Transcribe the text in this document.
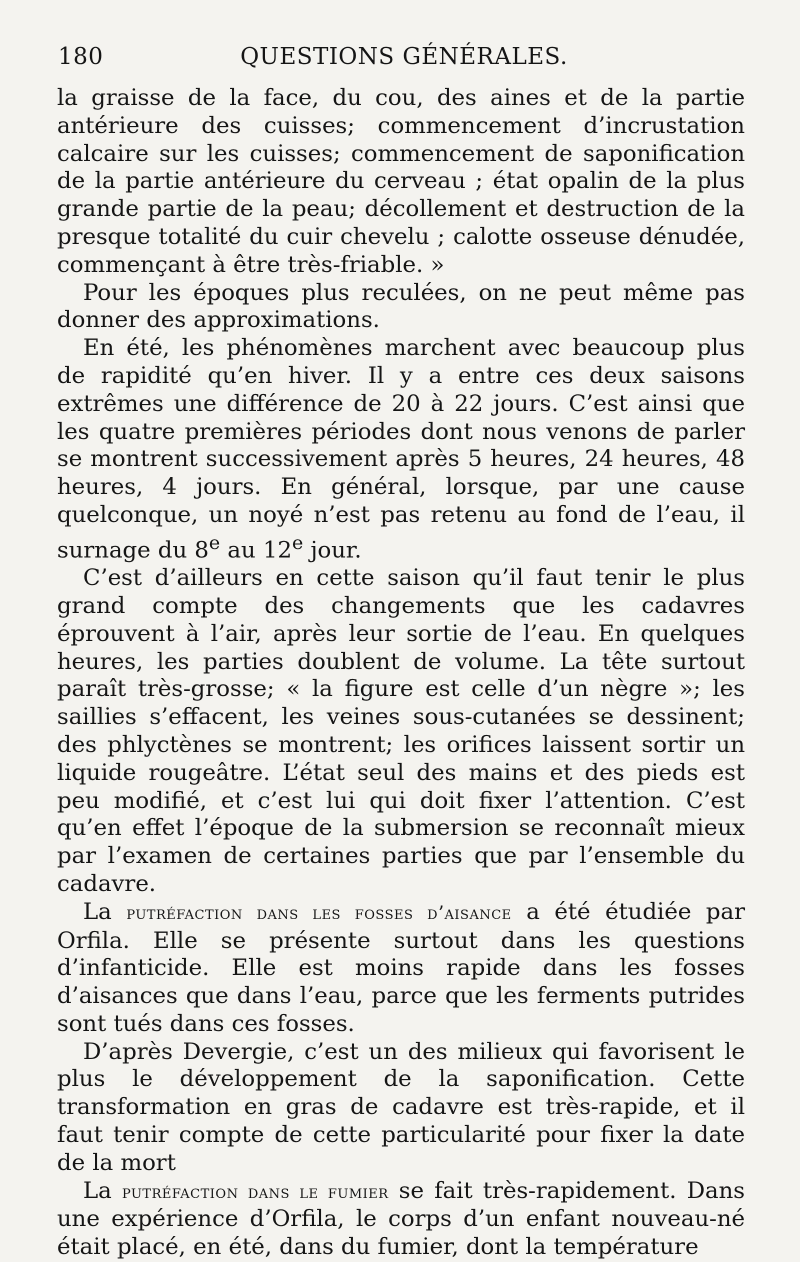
180	QUESTIONS GÉNÉRALES.

la graisse de la face, du cou, des aines et de la partie antérieure des cuisses; commencement d’incrustation calcaire sur les cuisses; commencement de saponification de la partie antérieure du cerveau ; état opalin de la plus grande partie de la peau; décollement et destruction de la presque totalité du cuir chevelu ; calotte osseuse dénudée, commençant à être très-friable. »

Pour les époques plus reculées, on ne peut même pas donner des approximations.

En été, les phénomènes marchent avec beaucoup plus de rapidité qu’en hiver. Il y a entre ces deux saisons extrêmes une différence de 20 à 22 jours. C’est ainsi que les quatre premières périodes dont nous venons de parler se montrent successivement après 5 heures, 24 heures, 48 heures, 4 jours. En général, lorsque, par une cause quelconque, un noyé n’est pas retenu au fond de l’eau, il surnage du 8e au 12e jour.

C’est d’ailleurs en cette saison qu’il faut tenir le plus grand compte des changements que les cadavres éprouvent à l’air, après leur sortie de l’eau. En quelques heures, les parties doublent de volume. La tête surtout paraît très-grosse; « la figure est celle d’un nègre »; les saillies s’effacent, les veines sous-cutanées se dessinent; des phlyctènes se montrent; les orifices laissent sortir un liquide rougeâtre. L’état seul des mains et des pieds est peu modifié, et c’est lui qui doit fixer l’attention. C’est qu’en effet l’époque de la submersion se reconnaît mieux par l’examen de certaines parties que par l’ensemble du cadavre.

La putréfaction dans les fosses d’aisance a été étudiée par Orfila. Elle se présente surtout dans les questions d’infanticide. Elle est moins rapide dans les fosses d’aisances que dans l’eau, parce que les ferments putrides sont tués dans ces fosses.

D’après Devergie, c’est un des milieux qui favorisent le plus le développement de la saponification. Cette transformation en gras de cadavre est très-rapide, et il faut tenir compte de cette particularité pour fixer la date de la mort

La putréfaction dans le fumier se fait très-rapidement. Dans une expérience d’Orfila, le corps d’un enfant nouveau-né était placé, en été, dans du fumier, dont la température
